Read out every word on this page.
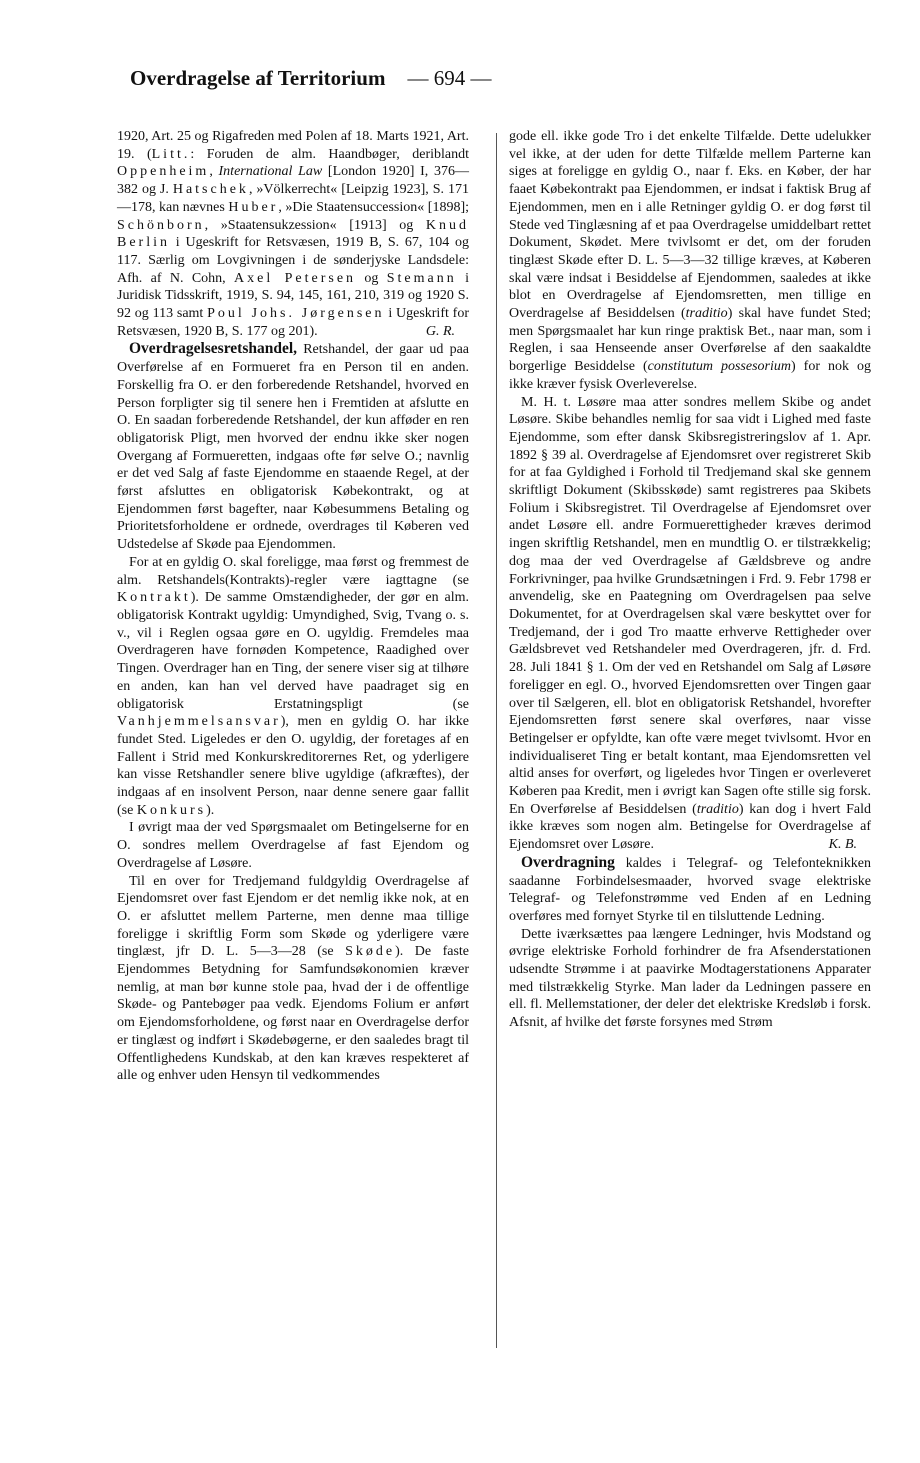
Overdragelse af Territorium — 694 —

1920, Art. 25 og Rigafreden med Polen af 18. Marts 1921, Art. 19. (Litt.: Foruden de alm. Haandbøger, deriblandt Oppenheim, International Law [London 1920] I, 376—382 og J. Hatschek, »Völkerrecht« [Leipzig 1923], S. 171—178, kan nævnes Huber, »Die Staatensuccession« [1898]; Schönborn, »Staatensukzession« [1913] og Knud Berlin i Ugeskrift for Retsvæsen, 1919 B, S. 67, 104 og 117. Særlig om Lovgivningen i de sønderjyske Landsdele: Afh. af N. Cohn, Axel Petersen og Stemann i Juridisk Tidsskrift, 1919, S. 94, 145, 161, 210, 319 og 1920 S. 92 og 113 samt Poul Johs. Jørgensen i Ugeskrift for Retsvæsen, 1920 B, S. 177 og 201).	G. R.

Overdragelsesretshandel, Retshandel, der gaar ud paa Overførelse af en Formueret fra en Person til en anden. Forskellig fra O. er den forberedende Retshandel, hvorved en Person forpligter sig til senere hen i Fremtiden at afslutte en O. En saadan forberedende Retshandel, der kun afføder en ren obligatorisk Pligt, men hvorved der endnu ikke sker nogen Overgang af Formueretten, indgaas ofte før selve O.; navnlig er det ved Salg af faste Ejendomme en staaende Regel, at der først afsluttes en obligatorisk Købekontrakt, og at Ejendommen først bagefter, naar Købesummens Betaling og Prioritetsforholdene er ordnede, overdrages til Køberen ved Udstedelse af Skøde paa Ejendommen.

For at en gyldig O. skal foreligge, maa først og fremmest de alm. Retshandels(Kontrakts)-regler være iagttagne (se Kontrakt). De samme Omstændigheder, der gør en alm. obligatorisk Kontrakt ugyldig: Umyndighed, Svig, Tvang o. s. v., vil i Reglen ogsaa gøre en O. ugyldig. Fremdeles maa Overdrageren have fornøden Kompetence, Raadighed over Tingen. Overdrager han en Ting, der senere viser sig at tilhøre en anden, kan han vel derved have paadraget sig en obligatorisk Erstatningspligt (se Vanhjemmelsansvar), men en gyldig O. har ikke fundet Sted. Ligeledes er den O. ugyldig, der foretages af en Fallent i Strid med Konkurskreditorernes Ret, og yderligere kan visse Retshandler senere blive ugyldige (afkræftes), der indgaas af en insolvent Person, naar denne senere gaar fallit (se Konkurs).

I øvrigt maa der ved Spørgsmaalet om Betingelserne for en O. sondres mellem Overdragelse af fast Ejendom og Overdragelse af Løsøre.

Til en over for Tredjemand fuldgyldig Overdragelse af Ejendomsret over fast Ejendom er det nemlig ikke nok, at en O. er afsluttet mellem Parterne, men denne maa tillige foreligge i skriftlig Form som Skøde og yderligere være tinglæst, jfr D. L. 5—3—28 (se Skøde). De faste Ejendommes Betydning for Samfundsøkonomien kræver nemlig, at man bør kunne stole paa, hvad der i de offentlige Skøde- og Pantebøger paa vedk. Ejendoms Folium er anført om Ejendomsforholdene, og først naar en Overdragelse derfor er tinglæst og indført i Skødebøgerne, er den saaledes bragt til Offentlighedens Kundskab, at den kan kræves respekteret af alle og enhver uden Hensyn til vedkommendes

gode ell. ikke gode Tro i det enkelte Tilfælde. Dette udelukker vel ikke, at der uden for dette Tilfælde mellem Parterne kan siges at foreligge en gyldig O., naar f. Eks. en Køber, der har faaet Købekontrakt paa Ejendommen, er indsat i faktisk Brug af Ejendommen, men en i alle Retninger gyldig O. er dog først til Stede ved Tinglæsning af et paa Overdragelse umiddelbart rettet Dokument, Skødet. Mere tvivlsomt er det, om der foruden tinglæst Skøde efter D. L. 5—3—32 tillige kræves, at Køberen skal være indsat i Besiddelse af Ejendommen, saaledes at ikke blot en Overdragelse af Ejendomsretten, men tillige en Overdragelse af Besiddelsen (traditio) skal have fundet Sted; men Spørgsmaalet har kun ringe praktisk Bet., naar man, som i Reglen, i saa Henseende anser Overførelse af den saakaldte borgerlige Besiddelse (constitutum possesorium) for nok og ikke kræver fysisk Overleverelse.

M. H. t. Løsøre maa atter sondres mellem Skibe og andet Løsøre. Skibe behandles nemlig for saa vidt i Lighed med faste Ejendomme, som efter dansk Skibsregistreringslov af 1. Apr. 1892 § 39 al. Overdragelse af Ejendomsret over registreret Skib for at faa Gyldighed i Forhold til Tredjemand skal ske gennem skriftligt Dokument (Skibsskøde) samt registreres paa Skibets Folium i Skibsregistret. Til Overdragelse af Ejendomsret over andet Løsøre ell. andre Formuerettigheder kræves derimod ingen skriftlig Retshandel, men en mundtlig O. er tilstrækkelig; dog maa der ved Overdragelse af Gældsbreve og andre Forkrivninger, paa hvilke Grundsætningen i Frd. 9. Febr 1798 er anvendelig, ske en Paategning om Overdragelsen paa selve Dokumentet, for at Overdragelsen skal være beskyttet over for Tredjemand, der i god Tro maatte erhverve Rettigheder over Gældsbrevet ved Retshandeler med Overdrageren, jfr. d. Frd. 28. Juli 1841 § 1. Om der ved en Retshandel om Salg af Løsøre foreligger en egl. O., hvorved Ejendomsretten over Tingen gaar over til Sælgeren, ell. blot en obligatorisk Retshandel, hvorefter Ejendomsretten først senere skal overføres, naar visse Betingelser er opfyldte, kan ofte være meget tvivlsomt. Hvor en individualiseret Ting er betalt kontant, maa Ejendomsretten vel altid anses for overført, og ligeledes hvor Tingen er overleveret Køberen paa Kredit, men i øvrigt kan Sagen ofte stille sig forsk. En Overførelse af Besiddelsen (traditio) kan dog i hvert Fald ikke kræves som nogen alm. Betingelse for Overdragelse af Ejendomsret over Løsøre.	K. B.

Overdragning kaldes i Telegraf- og Telefonteknikken saadanne Forbindelsesmaader, hvorved svage elektriske Telegraf- og Telefonstrømme ved Enden af en Ledning overføres med fornyet Styrke til en tilsluttende Ledning.

Dette iværksættes paa længere Ledninger, hvis Modstand og øvrige elektriske Forhold forhindrer de fra Afsenderstationen udsendte Strømme i at paavirke Modtagerstationens Apparater med tilstrækkelig Styrke. Man lader da Ledningen passere en ell. fl. Mellemstationer, der deler det elektriske Kredsløb i forsk. Afsnit, af hvilke det første forsynes med Strøm
